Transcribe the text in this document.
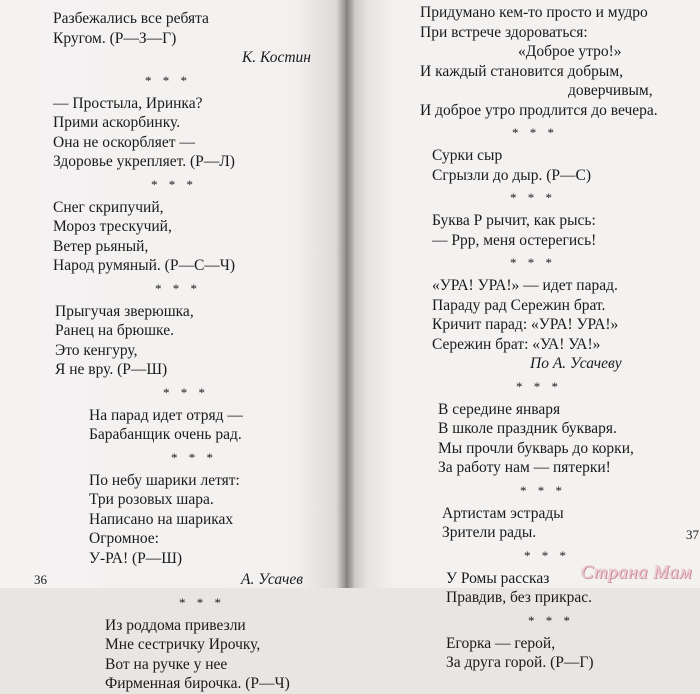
Разбежались все ребята
Кругом. (Р—З—Г)
К. Костин
* * *
— Простыла, Иринка?
Прими аскорбинку.
Она не оскорбляет —
Здоровье укрепляет. (Р—Л)
* * *
Снег скрипучий,
Мороз трескучий,
Ветер рьяный,
Народ румяный. (Р—С—Ч)
* * *
Прыгучая зверюшка,
Ранец на брюшке.
Это кенгуру,
Я не вру. (Р—Ш)
* * *
На парад идет отряд —
Барабанщик очень рад.
* * *
По небу шарики летят:
Три розовых шара.
Написано на шариках
Огромное:
У-РА! (Р—Ш)
А. Усачев
* * *
Из роддома привезли
Мне сестричку Ирочку,
Вот на ручке у нее
Фирменная бирочка. (Р—Ч)
36
Придумано кем-то просто и мудро
При встрече здороваться:
«Доброе утро!»
И каждый становится добрым,
доверчивым,
И доброе утро продлится до вечера.
* * *
Сурки сыр
Сгрызли до дыр. (Р—С)
* * *
Буква Р рычит, как рысь:
— Ррр, меня остерегись!
* * *
«УРА! УРА!» — идет парад.
Параду рад Сережин брат.
Кричит парад: «УРА! УРА!»
Сережин брат: «УА! УА!»
По А. Усачеву
* * *
В середине января
В школе праздник букваря.
Мы прочли букварь до корки,
За работу нам — пятерки!
* * *
Артистам эстрады
Зрители рады.
* * *
У Ромы рассказ
Правдив, без прикрас.
* * *
Егорка — герой,
За друга горой. (Р—Г)
37
Страна Мам
